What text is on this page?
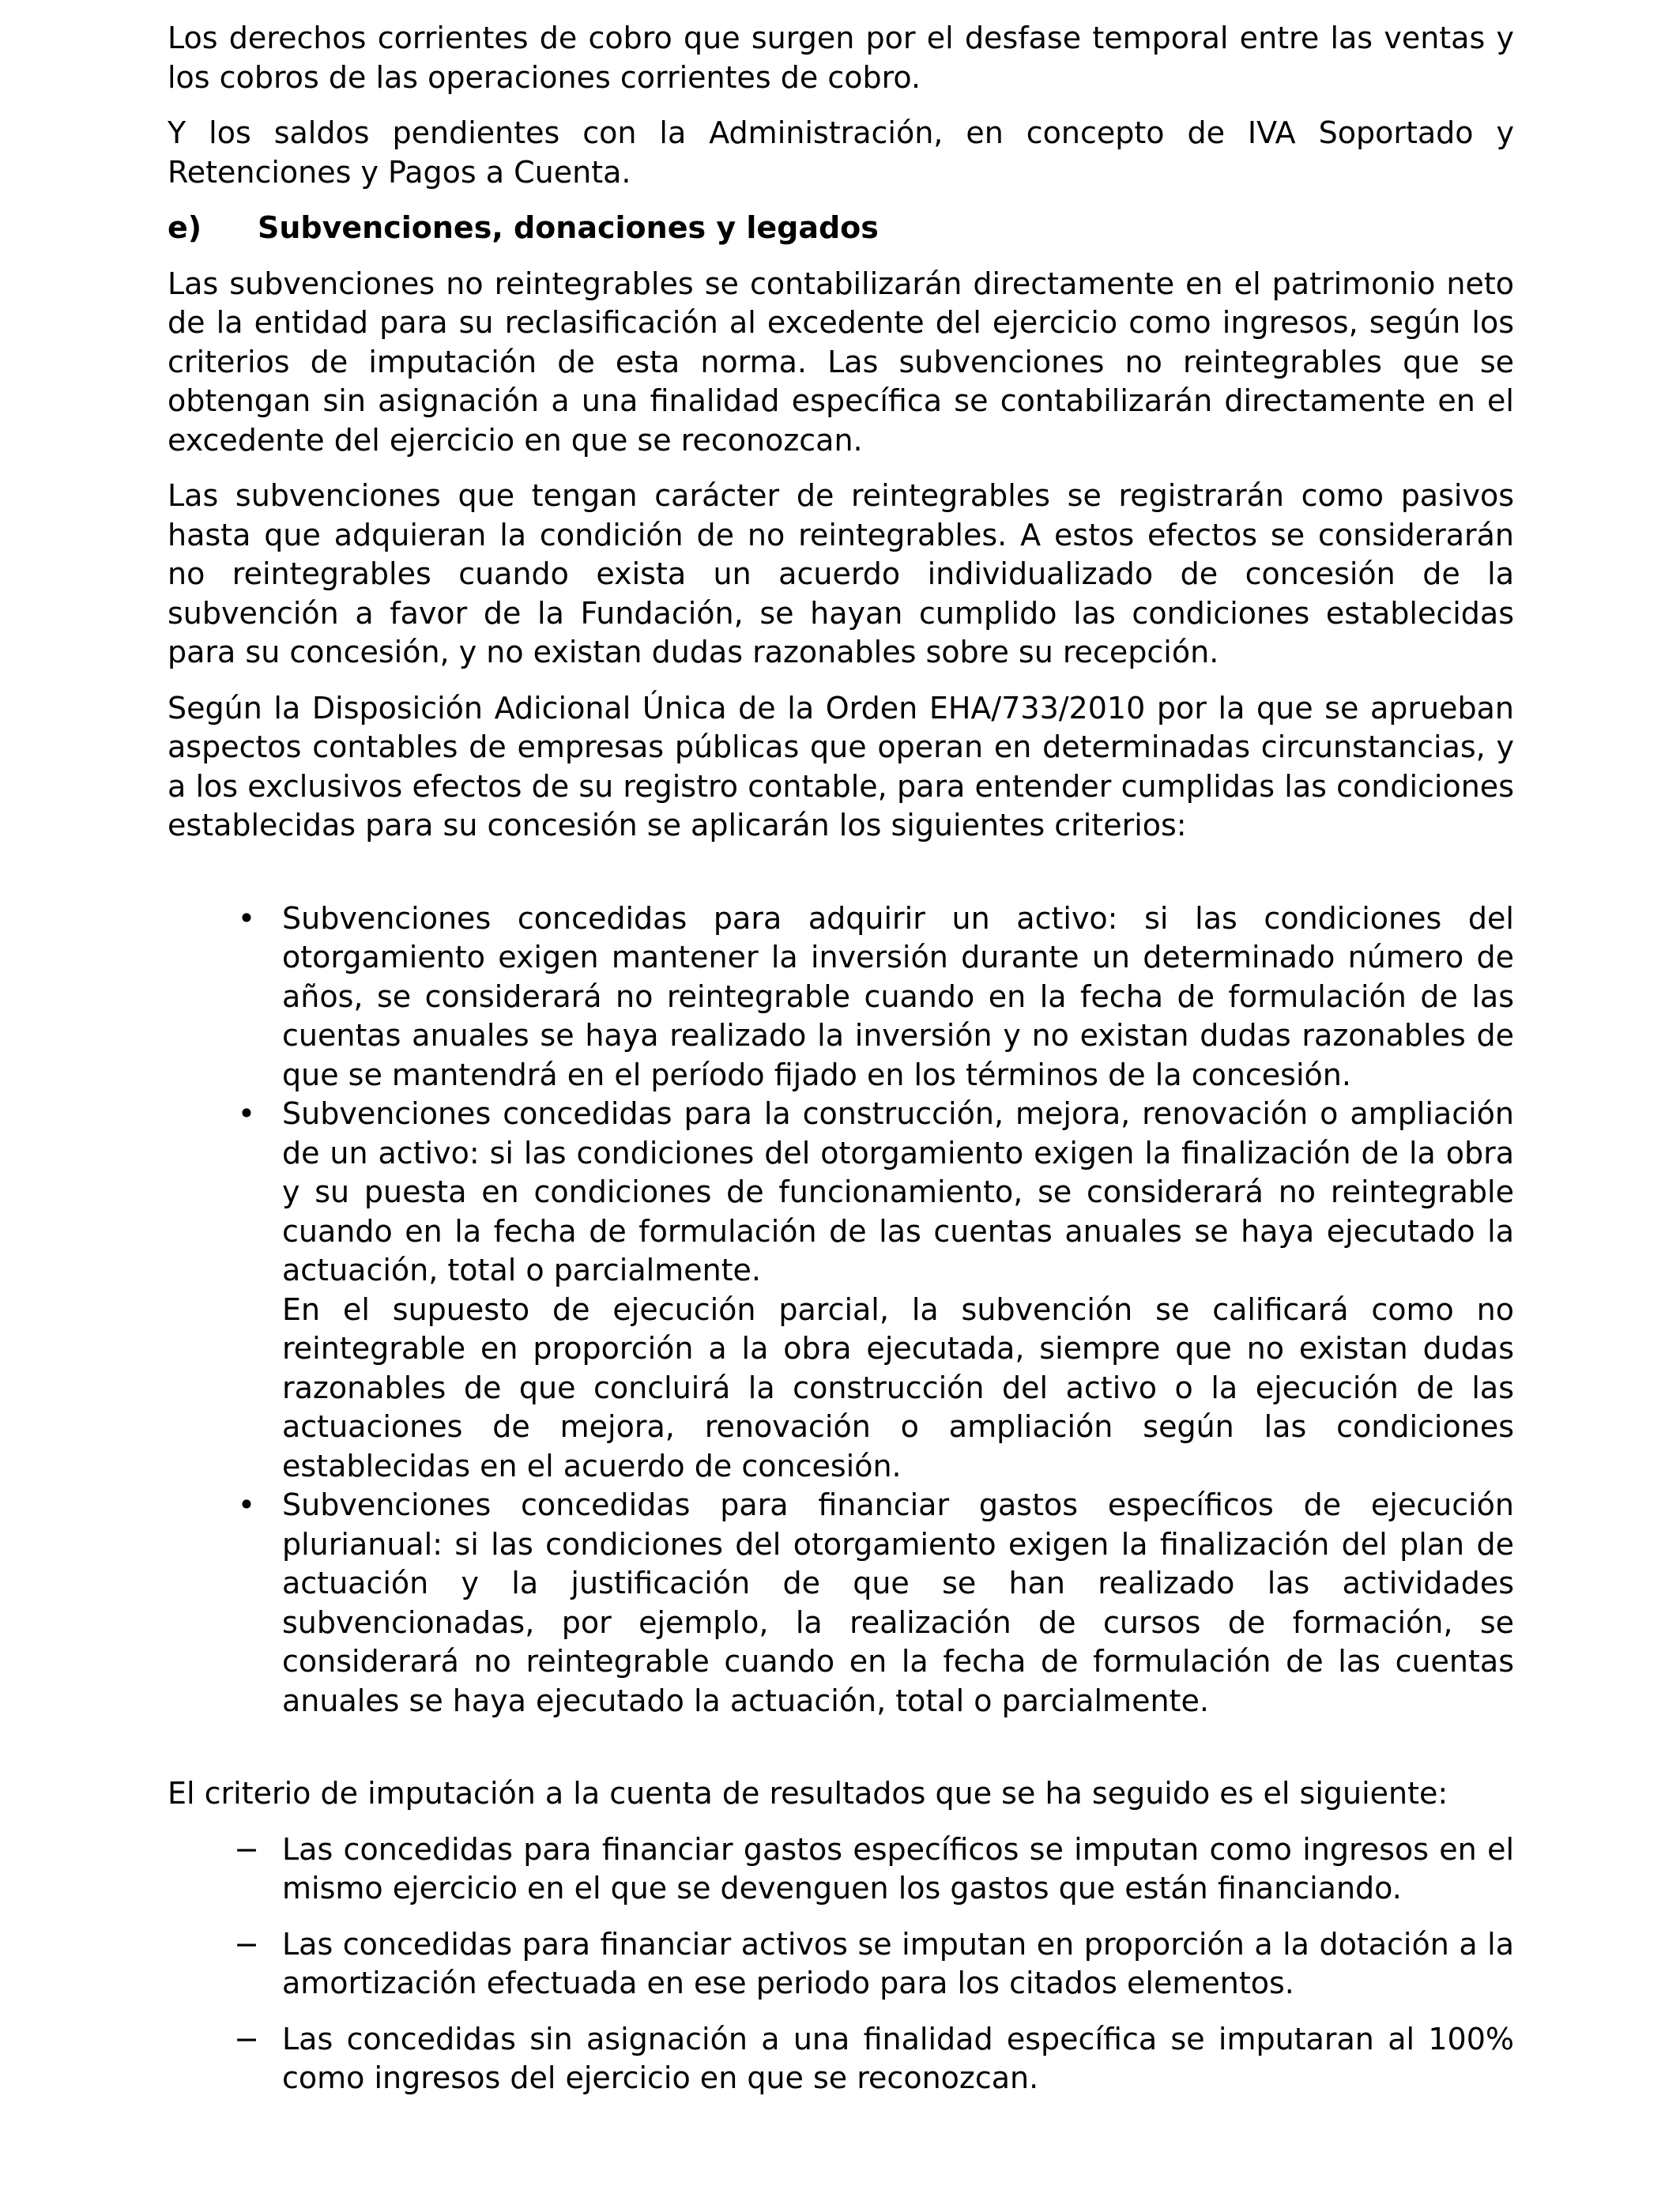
Los derechos corrientes de cobro que surgen por el desfase temporal entre las ventas y los cobros de las operaciones corrientes de cobro.

Y los saldos pendientes con la Administración, en concepto de IVA Soportado y Retenciones y Pagos a Cuenta.

e)	Subvenciones, donaciones y legados

Las subvenciones no reintegrables se contabilizarán directamente en el patrimonio neto de la entidad para su reclasificación al excedente del ejercicio como ingresos, según los criterios de imputación de esta norma. Las subvenciones no reintegrables que se obtengan sin asignación a una finalidad específica se contabilizarán directamente en el excedente del ejercicio en que se reconozcan.

Las subvenciones que tengan carácter de reintegrables se registrarán como pasivos hasta que adquieran la condición de no reintegrables. A estos efectos se considerarán no reintegrables cuando exista un acuerdo individualizado de concesión de la subvención a favor de la Fundación, se hayan cumplido las condiciones establecidas para su concesión, y no existan dudas razonables sobre su recepción.

Según la Disposición Adicional Única de la Orden EHA/733/2010 por la que se aprueban aspectos contables de empresas públicas que operan en determinadas circunstancias, y a los exclusivos efectos de su registro contable, para entender cumplidas las condiciones establecidas para su concesión se aplicarán los siguientes criterios:

•

Subvenciones concedidas para adquirir un activo: si las condiciones del otorgamiento exigen mantener la inversión durante un determinado número de años, se considerará no reintegrable cuando en la fecha de formulación de las cuentas anuales se haya realizado la inversión y no existan dudas razonables de que se mantendrá en el período fijado en los términos de la concesión.

•

Subvenciones concedidas para la construcción, mejora, renovación o ampliación de un activo: si las condiciones del otorgamiento exigen la finalización de la obra y su puesta en condiciones de funcionamiento, se considerará no reintegrable cuando en la fecha de formulación de las cuentas anuales se haya ejecutado la actuación, total o parcialmente.

En el supuesto de ejecución parcial, la subvención se calificará como no reintegrable en proporción a la obra ejecutada, siempre que no existan dudas razonables de que concluirá la construcción del activo o la ejecución de las actuaciones de mejora, renovación o ampliación según las condiciones establecidas en el acuerdo de concesión.

•

Subvenciones concedidas para financiar gastos específicos de ejecución plurianual: si las condiciones del otorgamiento exigen la finalización del plan de actuación y la justificación de que se han realizado las actividades subvencionadas, por ejemplo, la realización de cursos de formación, se considerará no reintegrable cuando en la fecha de formulación de las cuentas anuales se haya ejecutado la actuación, total o parcialmente.

El criterio de imputación a la cuenta de resultados que se ha seguido es el siguiente:

−

Las concedidas para financiar gastos específicos se imputan como ingresos en el mismo ejercicio en el que se devenguen los gastos que están financiando.

−

Las concedidas para financiar activos se imputan en proporción a la dotación a la amortización efectuada en ese periodo para los citados elementos.

−

Las concedidas sin asignación a una finalidad específica se imputaran al 100% como ingresos del ejercicio en que se reconozcan.
